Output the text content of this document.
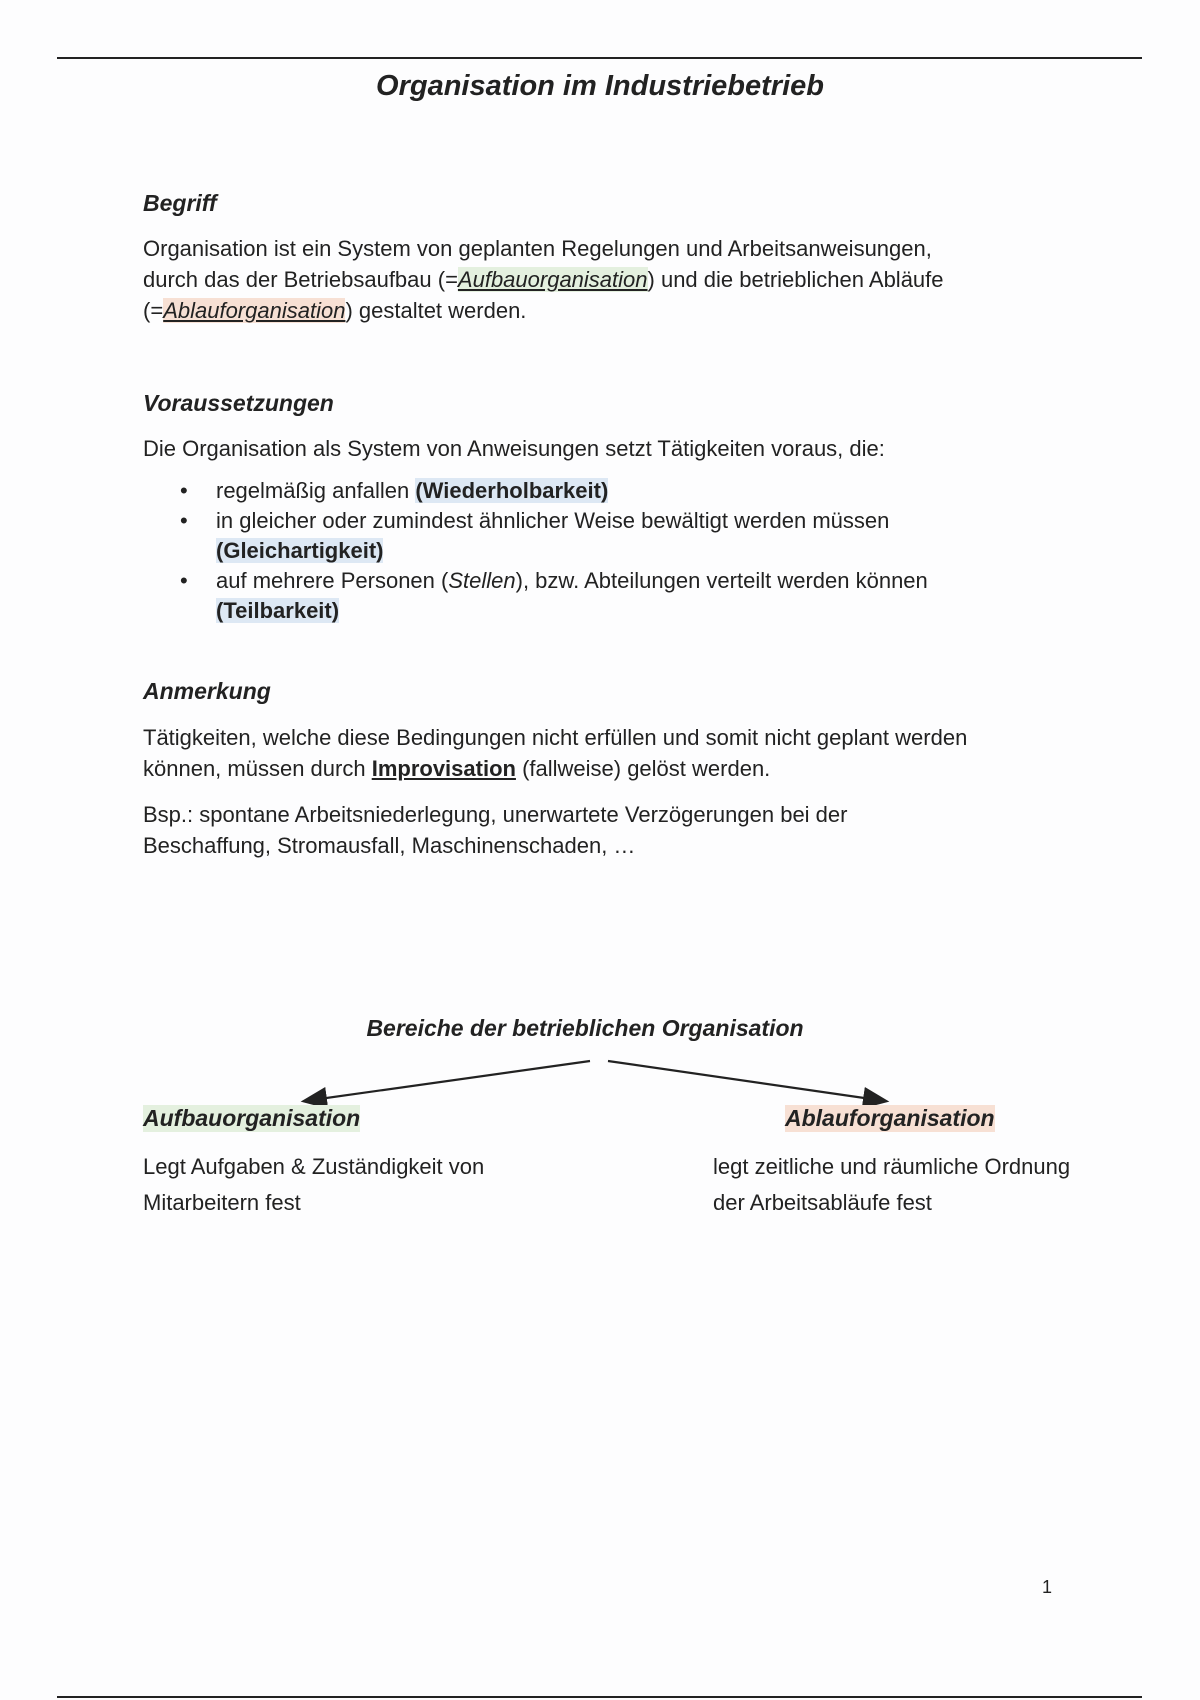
Organisation im Industriebetrieb
Begriff
Organisation ist ein System von geplanten Regelungen und Arbeitsanweisungen,
durch das der Betriebsaufbau (=Aufbauorganisation) und die betrieblichen Abläufe
(=Ablauforganisation) gestaltet werden.
Voraussetzungen
Die Organisation als System von Anweisungen setzt Tätigkeiten voraus, die:
• regelmäßig anfallen (Wiederholbarkeit)
• in gleicher oder zumindest ähnlicher Weise bewältigt werden müssen
(Gleichartigkeit)
• auf mehrere Personen (Stellen), bzw. Abteilungen verteilt werden können
(Teilbarkeit)
Anmerkung
Tätigkeiten, welche diese Bedingungen nicht erfüllen und somit nicht geplant werden
können, müssen durch Improvisation (fallweise) gelöst werden.
Bsp.: spontane Arbeitsniederlegung, unerwartete Verzögerungen bei der
Beschaffung, Stromausfall, Maschinenschaden, …
Bereiche der betrieblichen Organisation
Aufbauorganisation
Legt Aufgaben & Zuständigkeit von
Mitarbeitern fest
Ablauforganisation
legt zeitliche und räumliche Ordnung
der Arbeitsabläufe fest
1
